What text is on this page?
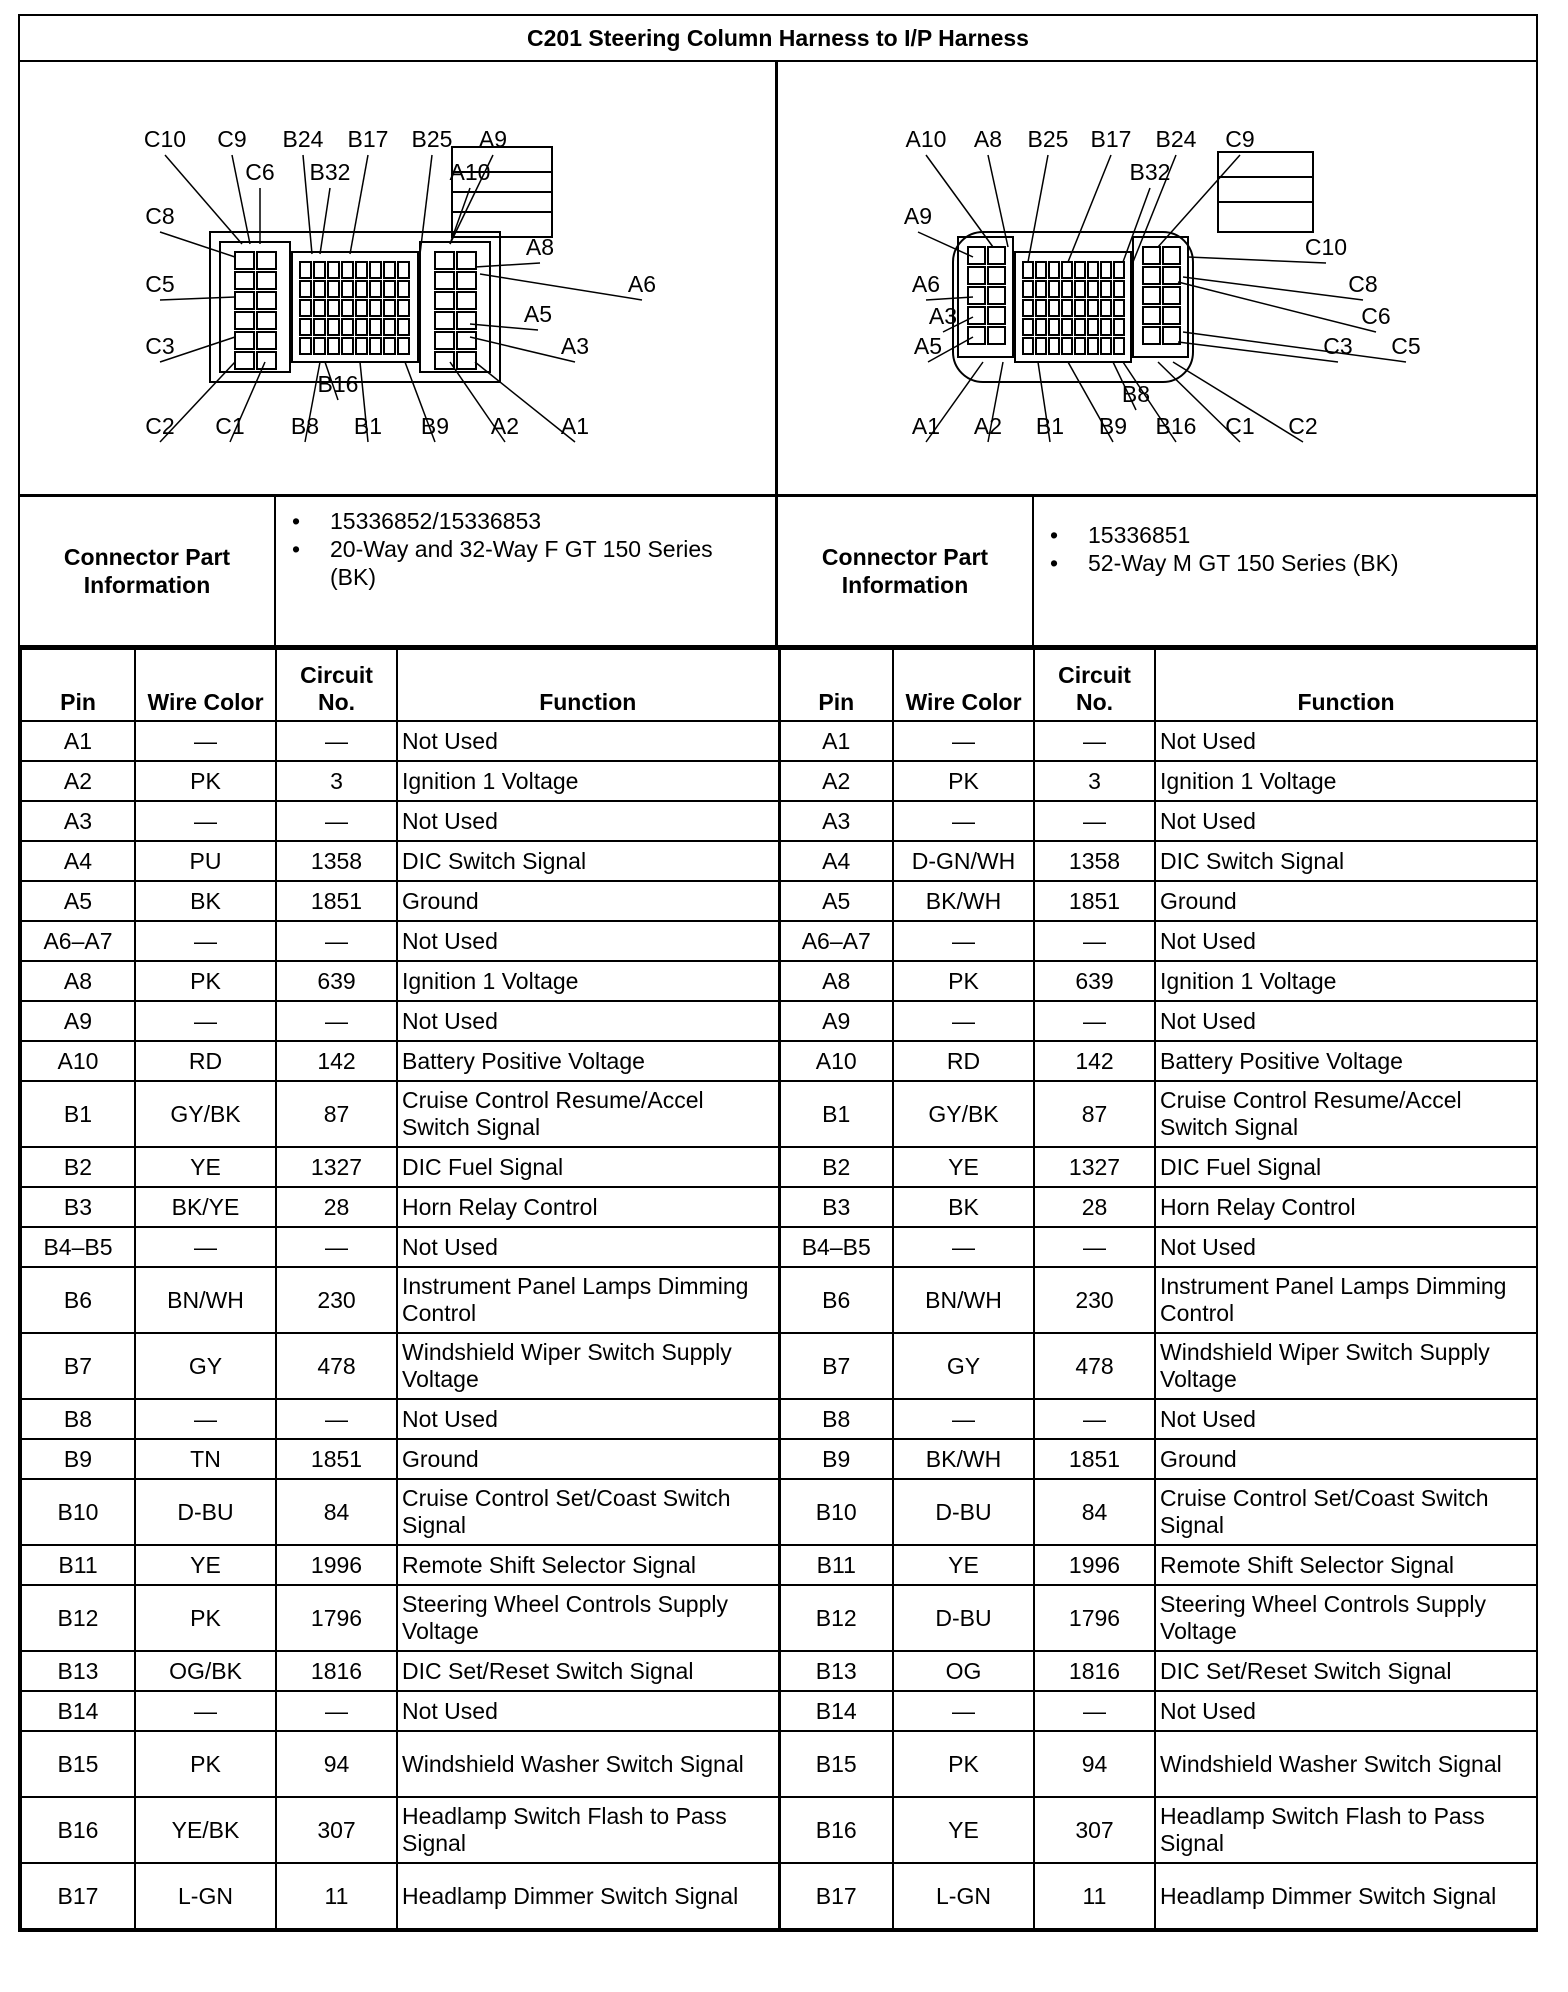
C201 Steering Column Harness to I/P Harness
C10 C9 B24 B17 B25 A9
C6 B32	A10
C8
A8
A6
C5
A5
C3	A3
B16
C2 C1 B8 B1 B9 A2 A1
A10 A8 B25 B17 B24 C9
B32
A9
C10
A6	C8
C6
A3
A5	C5
C3
B8
A1 A2 B1 B9 B16 C1 C2
Connector Part Information
• 15336852/15336853
• 20-Way and 32-Way F GT 150 Series (BK)
Connector Part Information
• 15336851
• 52-Way M GT 150 Series (BK)
Pin	Wire Color	Circuit No.	Function	Pin	Wire Color	Circuit No.	Function
A1	—	—	Not Used	A1	—	—	Not Used
A2	PK	3	Ignition 1 Voltage	A2	PK	3	Ignition 1 Voltage
A3	—	—	Not Used	A3	—	—	Not Used
A4	PU	1358	DIC Switch Signal	A4	D-GN/WH	1358	DIC Switch Signal
A5	BK	1851	Ground	A5	BK/WH	1851	Ground
A6–A7	—	—	Not Used	A6–A7	—	—	Not Used
A8	PK	639	Ignition 1 Voltage	A8	PK	639	Ignition 1 Voltage
A9	—	—	Not Used	A9	—	—	Not Used
A10	RD	142	Battery Positive Voltage	A10	RD	142	Battery Positive Voltage
B1	GY/BK	87	Cruise Control Resume/Accel Switch Signal	B1	GY/BK	87	Cruise Control Resume/Accel Switch Signal
B2	YE	1327	DIC Fuel Signal	B2	YE	1327	DIC Fuel Signal
B3	BK/YE	28	Horn Relay Control	B3	BK	28	Horn Relay Control
B4–B5	—	—	Not Used	B4–B5	—	—	Not Used
B6	BN/WH	230	Instrument Panel Lamps Dimming Control	B6	BN/WH	230	Instrument Panel Lamps Dimming Control
B7	GY	478	Windshield Wiper Switch Supply Voltage	B7	GY	478	Windshield Wiper Switch Supply Voltage
B8	—	—	Not Used	B8	—	—	Not Used
B9	TN	1851	Ground	B9	BK/WH	1851	Ground
B10	D-BU	84	Cruise Control Set/Coast Switch Signal	B10	D-BU	84	Cruise Control Set/Coast Switch Signal
B11	YE	1996	Remote Shift Selector Signal	B11	YE	1996	Remote Shift Selector Signal
B12	PK	1796	Steering Wheel Controls Supply Voltage	B12	D-BU	1796	Steering Wheel Controls Supply Voltage
B13	OG/BK	1816	DIC Set/Reset Switch Signal	B13	OG	1816	DIC Set/Reset Switch Signal
B14	—	—	Not Used	B14	—	—	Not Used
B15	PK	94	Windshield Washer Switch Signal	B15	PK	94	Windshield Washer Switch Signal
B16	YE/BK	307	Headlamp Switch Flash to Pass Signal	B16	YE	307	Headlamp Switch Flash to Pass Signal
B17	L-GN	11	Headlamp Dimmer Switch Signal	B17	L-GN	11	Headlamp Dimmer Switch Signal
